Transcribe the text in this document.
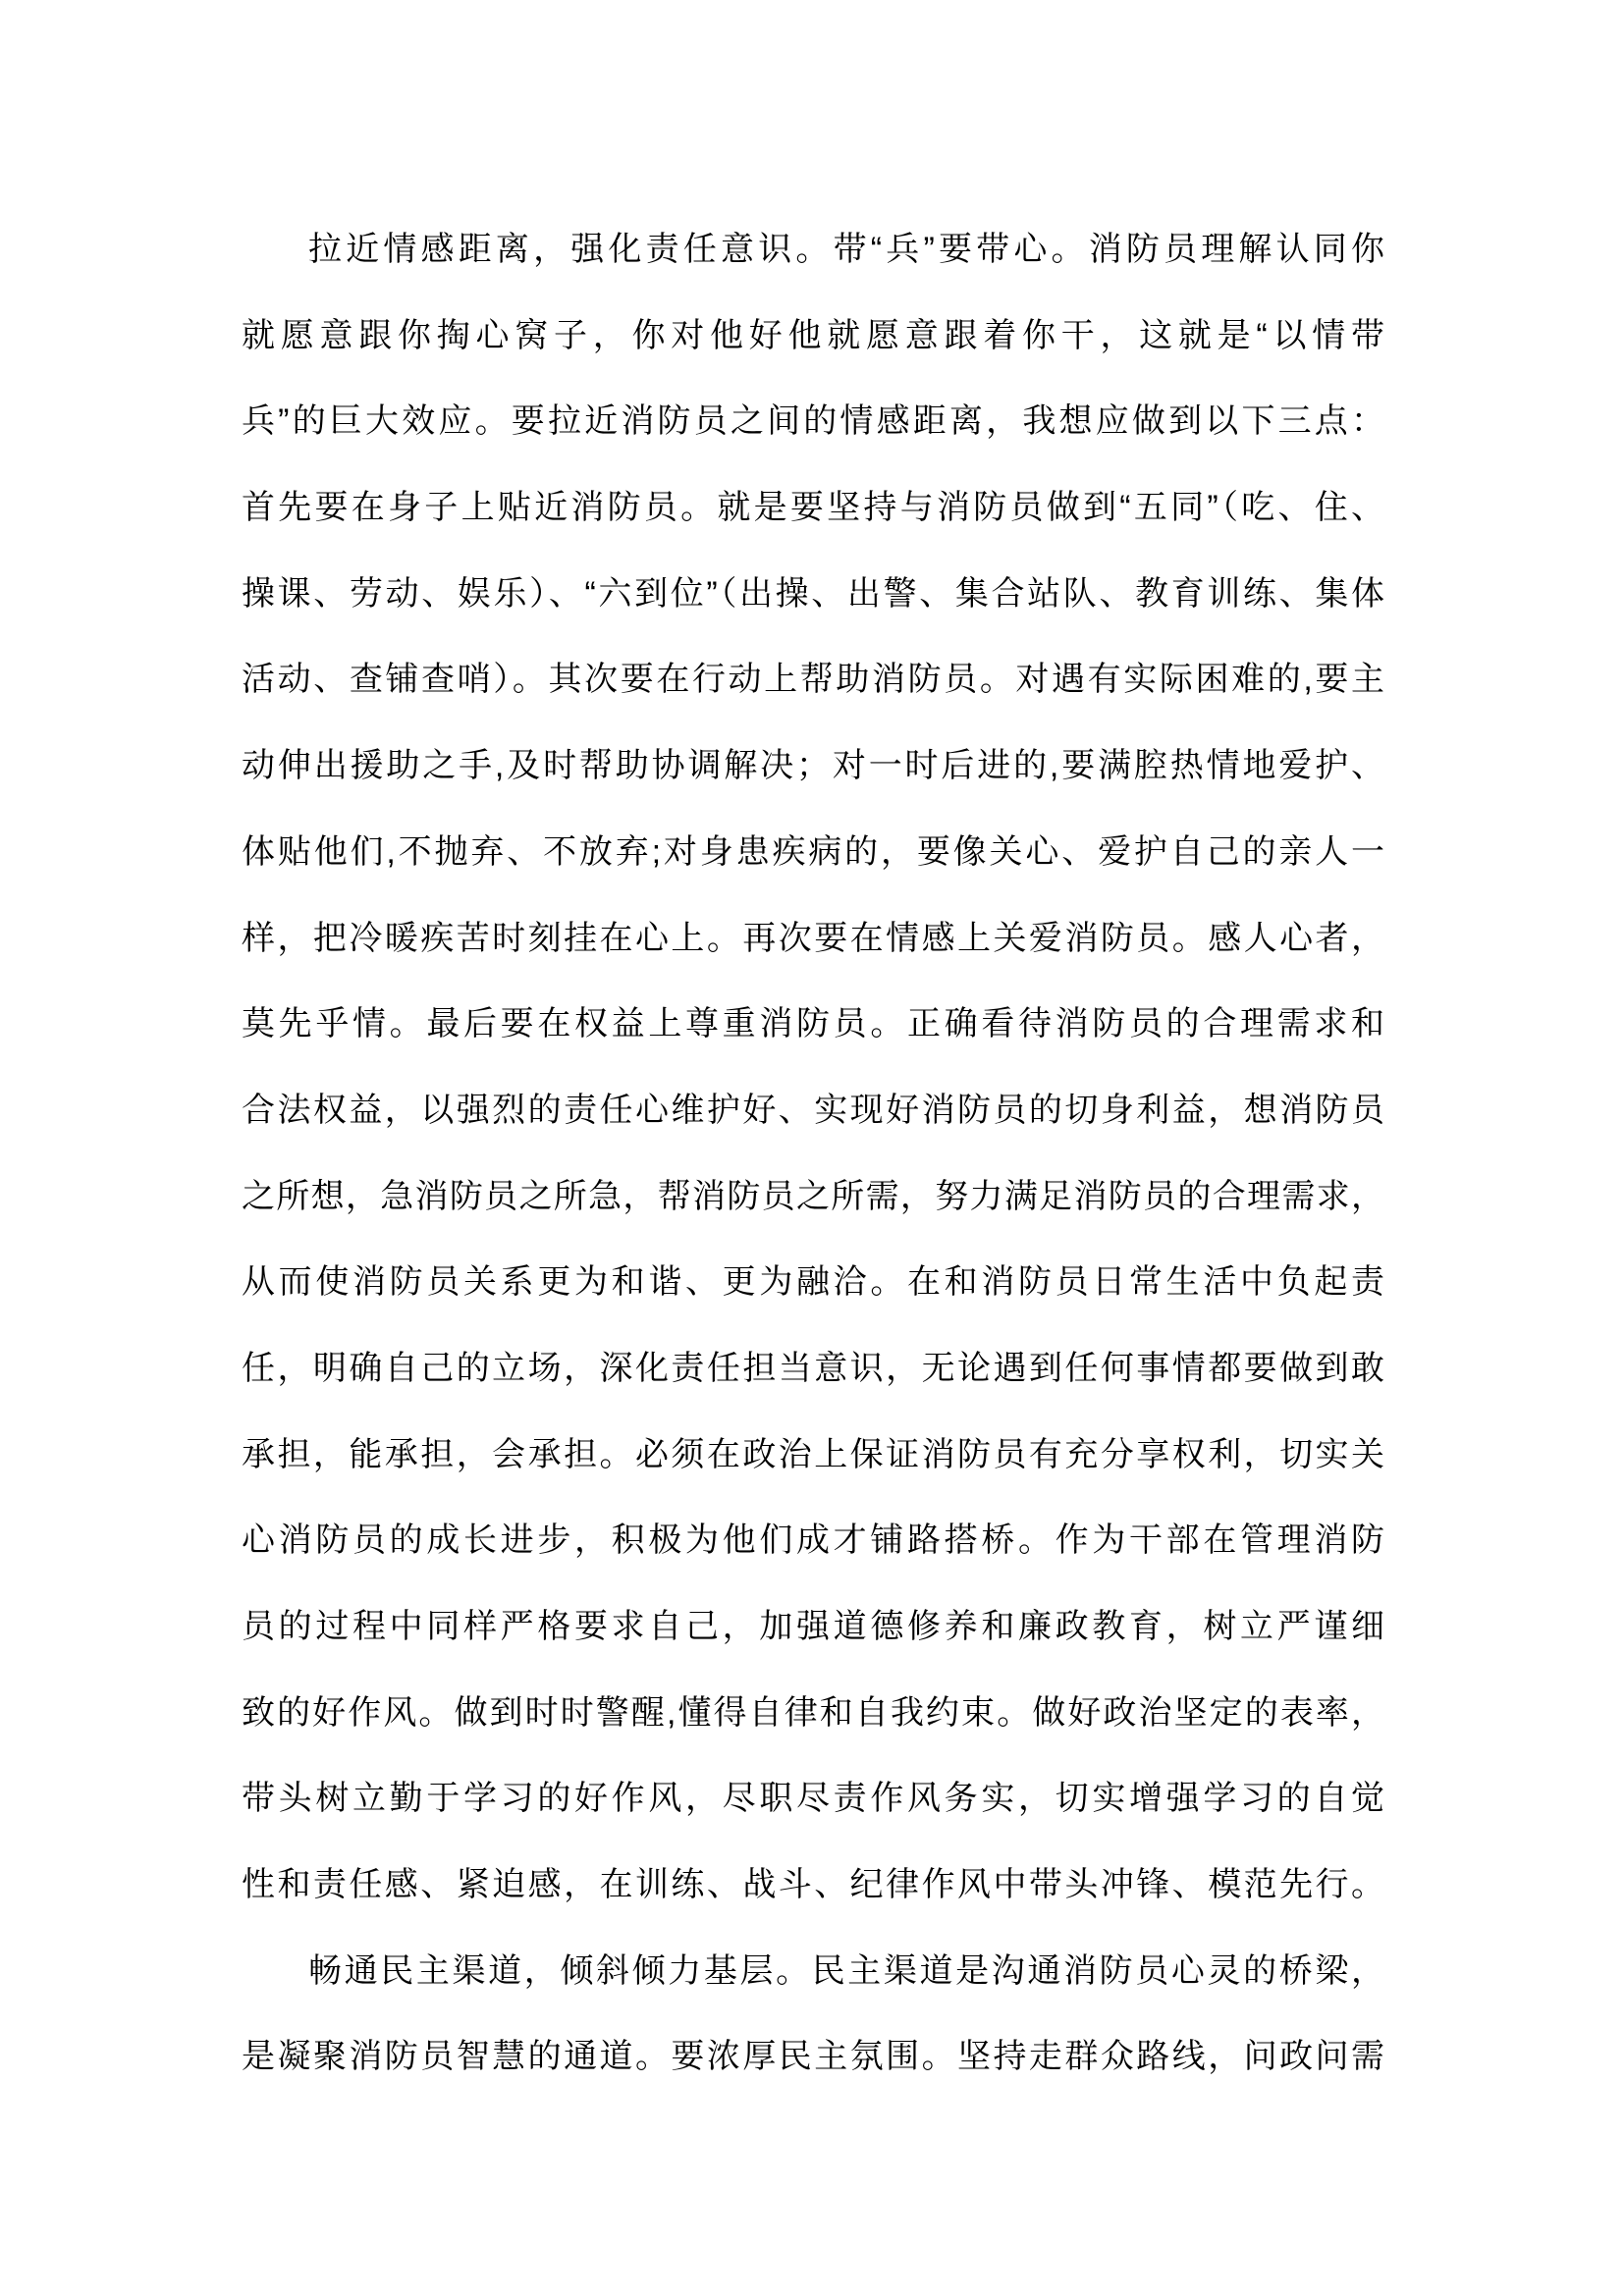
拉近情感距离，强化责任意识。带“兵”要带心。消防员理解认同你
就愿意跟你掏心窝子，你对他好他就愿意跟着你干，这就是“以情带
兵”的巨大效应。要拉近消防员之间的情感距离，我想应做到以下三点：
首先要在身子上贴近消防员。就是要坚持与消防员做到“五同”（吃、住、
操课、劳动、娱乐）、“六到位”（出操、出警、集合站队、教育训练、集体
活动、查铺查哨）。其次要在行动上帮助消防员。对遇有实际困难的,要主
动伸出援助之手,及时帮助协调解决；对一时后进的,要满腔热情地爱护、
体贴他们,不抛弃、不放弃;对身患疾病的，要像关心、爱护自己的亲人一
样，把冷暖疾苦时刻挂在心上。再次要在情感上关爱消防员。感人心者，
莫先乎情。最后要在权益上尊重消防员。正确看待消防员的合理需求和
合法权益，以强烈的责任心维护好、实现好消防员的切身利益，想消防员
之所想，急消防员之所急，帮消防员之所需，努力满足消防员的合理需求，
从而使消防员关系更为和谐、更为融洽。在和消防员日常生活中负起责
任，明确自己的立场，深化责任担当意识，无论遇到任何事情都要做到敢
承担，能承担，会承担。必须在政治上保证消防员有充分享权利，切实关
心消防员的成长进步，积极为他们成才铺路搭桥。作为干部在管理消防
员的过程中同样严格要求自己，加强道德修养和廉政教育，树立严谨细
致的好作风。做到时时警醒,懂得自律和自我约束。做好政治坚定的表率，
带头树立勤于学习的好作风，尽职尽责作风务实，切实增强学习的自觉
性和责任感、紧迫感，在训练、战斗、纪律作风中带头冲锋、模范先行。
畅通民主渠道，倾斜倾力基层。民主渠道是沟通消防员心灵的桥梁，
是凝聚消防员智慧的通道。要浓厚民主氛围。坚持走群众路线，问政问需
